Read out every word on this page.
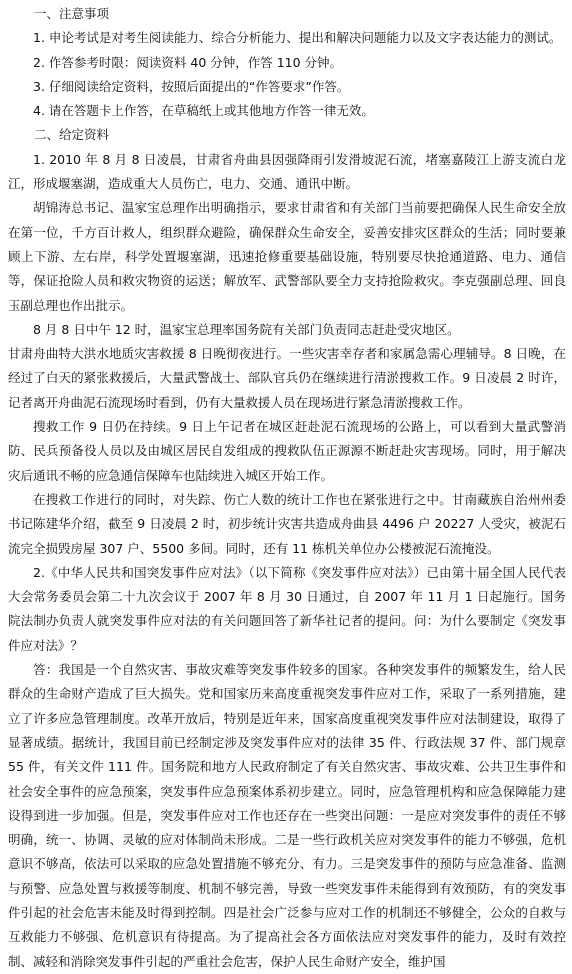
一、注意事项

1. 申论考试是对考生阅读能力、综合分析能力、提出和解决问题能力以及文字表达能力的测试。

2. 作答参考时限：阅读资料 40 分钟，作答 110 分钟。

3. 仔细阅读给定资料，按照后面提出的“作答要求”作答。

4. 请在答题卡上作答，在草稿纸上或其他地方作答一律无效。

二、给定资料

1. 2010 年 8 月 8 日凌晨，甘肃省舟曲县因强降雨引发滑坡泥石流，堵塞嘉陵江上游支流白龙江，形成堰塞湖，造成重大人员伤亡，电力、交通、通讯中断。

胡锦涛总书记、温家宝总理作出明确指示，要求甘肃省和有关部门当前要把确保人民生命安全放在第一位，千方百计救人，组织群众避险，确保群众生命安全，妥善安排灾区群众的生活；同时要兼顾上下游、左右岸，科学处置堰塞湖，迅速抢修重要基础设施，特别要尽快抢通道路、电力、通信等，保证抢险人员和救灾物资的运送；解放军、武警部队要全力支持抢险救灾。李克强副总理、回良玉副总理也作出批示。

8 月 8 日中午 12 时，温家宝总理率国务院有关部门负责同志赶赴受灾地区。

甘肃舟曲特大洪水地质灾害救援 8 日晚彻夜进行。一些灾害幸存者和家属急需心理辅导。8 日晚，在经过了白天的紧张救援后，大量武警战士、部队官兵仍在继续进行清淤搜救工作。9 日凌晨 2 时许，记者离开舟曲泥石流现场时看到，仍有大量救援人员在现场进行紧急清淤搜救工作。

搜救工作 9 日仍在持续。9 日上午记者在城区赶赴泥石流现场的公路上，可以看到大量武警消防、民兵预备役人员以及由城区居民自发组成的搜救队伍正源源不断赶赴灾害现场。同时，用于解决灾后通讯不畅的应急通信保障车也陆续进入城区开始工作。

在搜救工作进行的同时，对失踪、伤亡人数的统计工作也在紧张进行之中。甘南藏族自治州州委书记陈建华介绍，截至 9 日凌晨 2 时，初步统计灾害共造成舟曲县 4496 户 20227 人受灾，被泥石流完全损毁房屋 307 户、5500 多间。同时，还有 11 栋机关单位办公楼被泥石流掩没。

2.《中华人民共和国突发事件应对法》（以下简称《突发事件应对法》）已由第十届全国人民代表大会常务委员会第二十九次会议于 2007 年 8 月 30 日通过，自 2007 年 11 月 1 日起施行。国务院法制办负责人就突发事件应对法的有关问题回答了新华社记者的提问。问：为什么要制定《突发事件应对法》？

答：我国是一个自然灾害、事故灾难等突发事件较多的国家。各种突发事件的频繁发生，给人民群众的生命财产造成了巨大损失。党和国家历来高度重视突发事件应对工作，采取了一系列措施，建立了许多应急管理制度。改革开放后，特别是近年来，国家高度重视突发事件应对法制建设，取得了显著成绩。据统计，我国目前已经制定涉及突发事件应对的法律 35 件、行政法规 37 件、部门规章 55 件，有关文件 111 件。国务院和地方人民政府制定了有关自然灾害、事故灾难、公共卫生事件和社会安全事件的应急预案，突发事件应急预案体系初步建立。同时，应急管理机构和应急保障能力建设得到进一步加强。但是，突发事件应对工作也还存在一些突出问题：一是应对突发事件的责任不够明确，统一、协调、灵敏的应对体制尚未形成。二是一些行政机关应对突发事件的能力不够强，危机意识不够高，依法可以采取的应急处置措施不够充分、有力。三是突发事件的预防与应急准备、监测与预警、应急处置与救援等制度、机制不够完善，导致一些突发事件未能得到有效预防，有的突发事件引起的社会危害未能及时得到控制。四是社会广泛参与应对工作的机制还不够健全，公众的自救与互救能力不够强、危机意识有待提高。为了提高社会各方面依法应对突发事件的能力，及时有效控制、减轻和消除突发事件引起的严重社会危害，保护人民生命财产安全，维护国
